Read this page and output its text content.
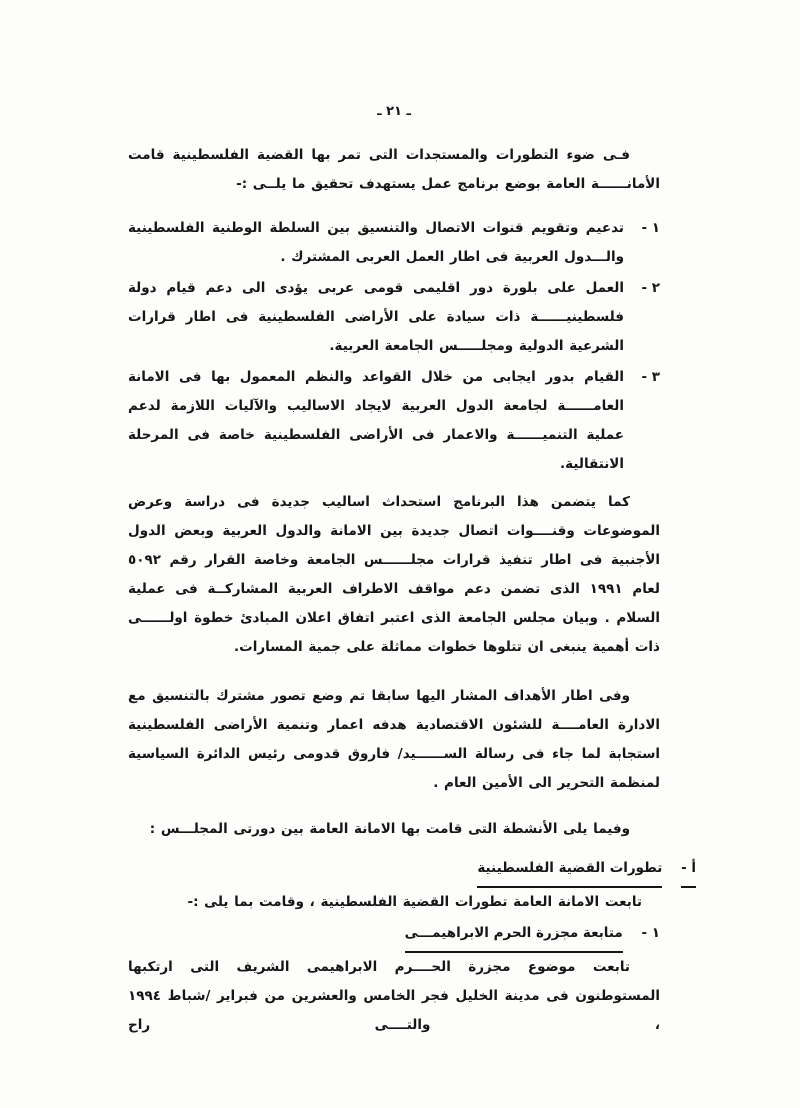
ـ ٢١ ـ

فـى ضوء التطورات والمستجدات التى تمر بها القضية الفلسطينية قامت الأمانــــــة العامة بوضع برنامج عمل يستهدف تحقيق ما يلــى :-

١ -
تدعيم وتقويم قنوات الاتصال والتنسيق بين السلطة الوطنية الفلسطينية والـــدول العربية فى اطار العمل العربى المشترك .
٢ -
العمل على بلورة دور اقليمى قومى عربى يؤدى الى دعم قيام دولة فلسطينيــــــة ذات سيادة على الأراضى الفلسطينية فى اطار قرارات الشرعية الدولية ومجلـــــس الجامعة العربية.
٣ -
القيام بدور ايجابى من خلال القواعد والنظم المعمول بها فى الامانة العامــــــة لجامعة الدول العربية لايجاد الاساليب والآليات اللازمة لدعم عملية التنميــــــة والاعمار فى الأراضى الفلسطينية خاصة فى المرحلة الانتقالية.

كما يتضمن هذا البرنامج استحداث اساليب جديدة فى دراسة وعرض الموضوعات وقنــــوات اتصال جديدة بين الامانة والدول العربية وبعض الدول الأجنبية فى اطار تنفيذ قرارات مجلــــــس الجامعة وخاصة القرار رقم ٥٠٩٢ لعام ١٩٩١ الذى تضمن دعم مواقف الاطراف العربية المشاركــة فى عملية السلام . وبيان مجلس الجامعة الذى اعتبر اتفاق اعلان المبادئ خطوة اولــــــى ذات أهمية ينبغى ان تتلوها خطوات مماثلة على جمية المسارات.

وفى اطار الأهداف المشار اليها سابقا تم وضع تصور مشترك بالتنسيق مع الادارة العامــــة للشئون الاقتصادية هدفه اعمار وتنمية الأراضى الفلسطينية استجابة لما جاء فى رسالة الســــــيد/ فاروق قدومى رئيس الدائرة السياسية لمنظمة التحرير الى الأمين العام .

وفيما يلى الأنشطة التى قامت بها الامانة العامة بين دورتى المجلـــس :

أ - تطورات القضية الفلسطينية

تابعت الامانة العامة تطورات القضية الفلسطينية ، وقامت بما يلى :-

١ - متابعة مجزرة الحرم الابراهيمـــى

تابعت موضوع مجزرة الحــــرم الابراهيمى الشريف التى ارتكبها المستوطنون فى مدينة الخليل فجر الخامس والعشرين من فبراير /شباط ١٩٩٤ ، والتــــى راح
